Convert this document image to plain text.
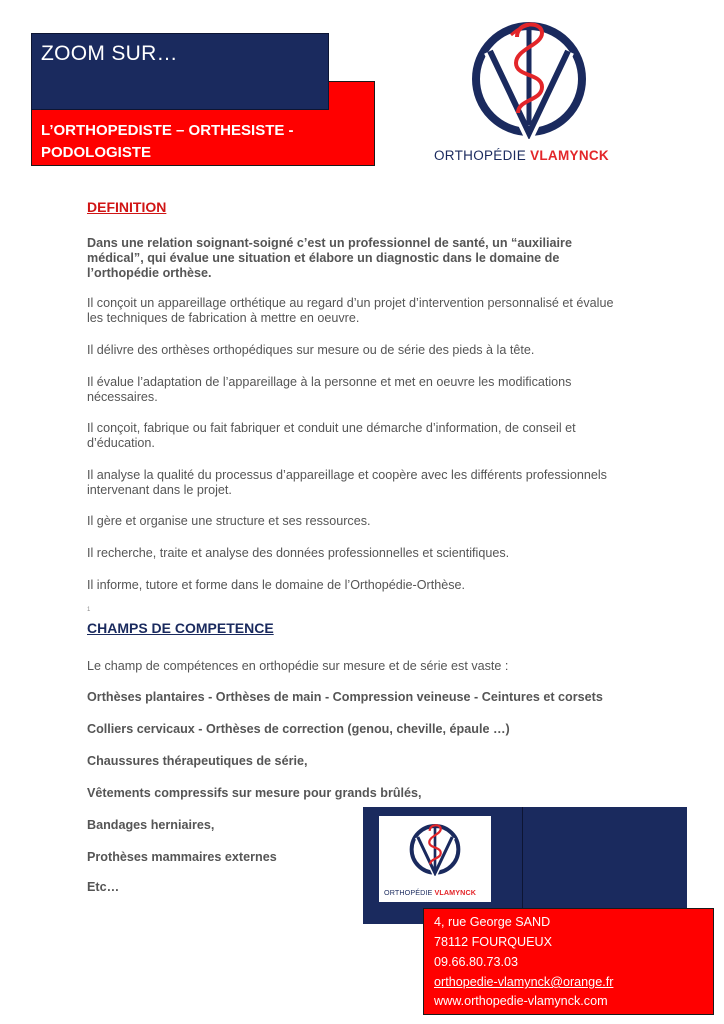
ZOOM SUR…
L’ORTHOPEDISTE – ORTHESISTE -
PODOLOGISTE	ORTHOPÉDIE VLAMYNCK
DEFINITION
Dans une relation soignant-soigné c’est un professionnel de santé, un “auxiliaire médical”, qui évalue une situation et élabore un diagnostic dans le domaine de l’orthopédie orthèse.
Il conçoit un appareillage orthétique au regard d’un projet d’intervention personnalisé et évalue les techniques de fabrication à mettre en oeuvre.
Il délivre des orthèses orthopédiques sur mesure ou de série des pieds à la tête.
Il évalue l’adaptation de l’appareillage à la personne et met en oeuvre les modifications nécessaires.
Il conçoit, fabrique ou fait fabriquer et conduit une démarche d’information, de conseil et d’éducation.
Il analyse la qualité du processus d’appareillage et coopère avec les différents professionnels intervenant dans le projet.
Il gère et organise une structure et ses ressources.
Il recherche, traite et analyse des données professionnelles et scientifiques.
Il informe, tutore et forme dans le domaine de l’Orthopédie-Orthèse.
1
CHAMPS DE COMPETENCE
Le champ de compétences en orthopédie sur mesure et de série est vaste :
Orthèses plantaires - Orthèses de main - Compression veineuse - Ceintures et corsets
Colliers cervicaux - Orthèses de correction (genou, cheville, épaule …)
Chaussures thérapeutiques de série,
Vêtements compressifs sur mesure pour grands brûlés,
Bandages herniaires,
Prothèses mammaires externes
Etc…	ORTHOPÉDIE VLAMYNCK
4, rue George SAND
78112 FOURQUEUX
09.66.80.73.03
orthopedie-vlamynck@orange.fr
www.orthopedie-vlamynck.com
